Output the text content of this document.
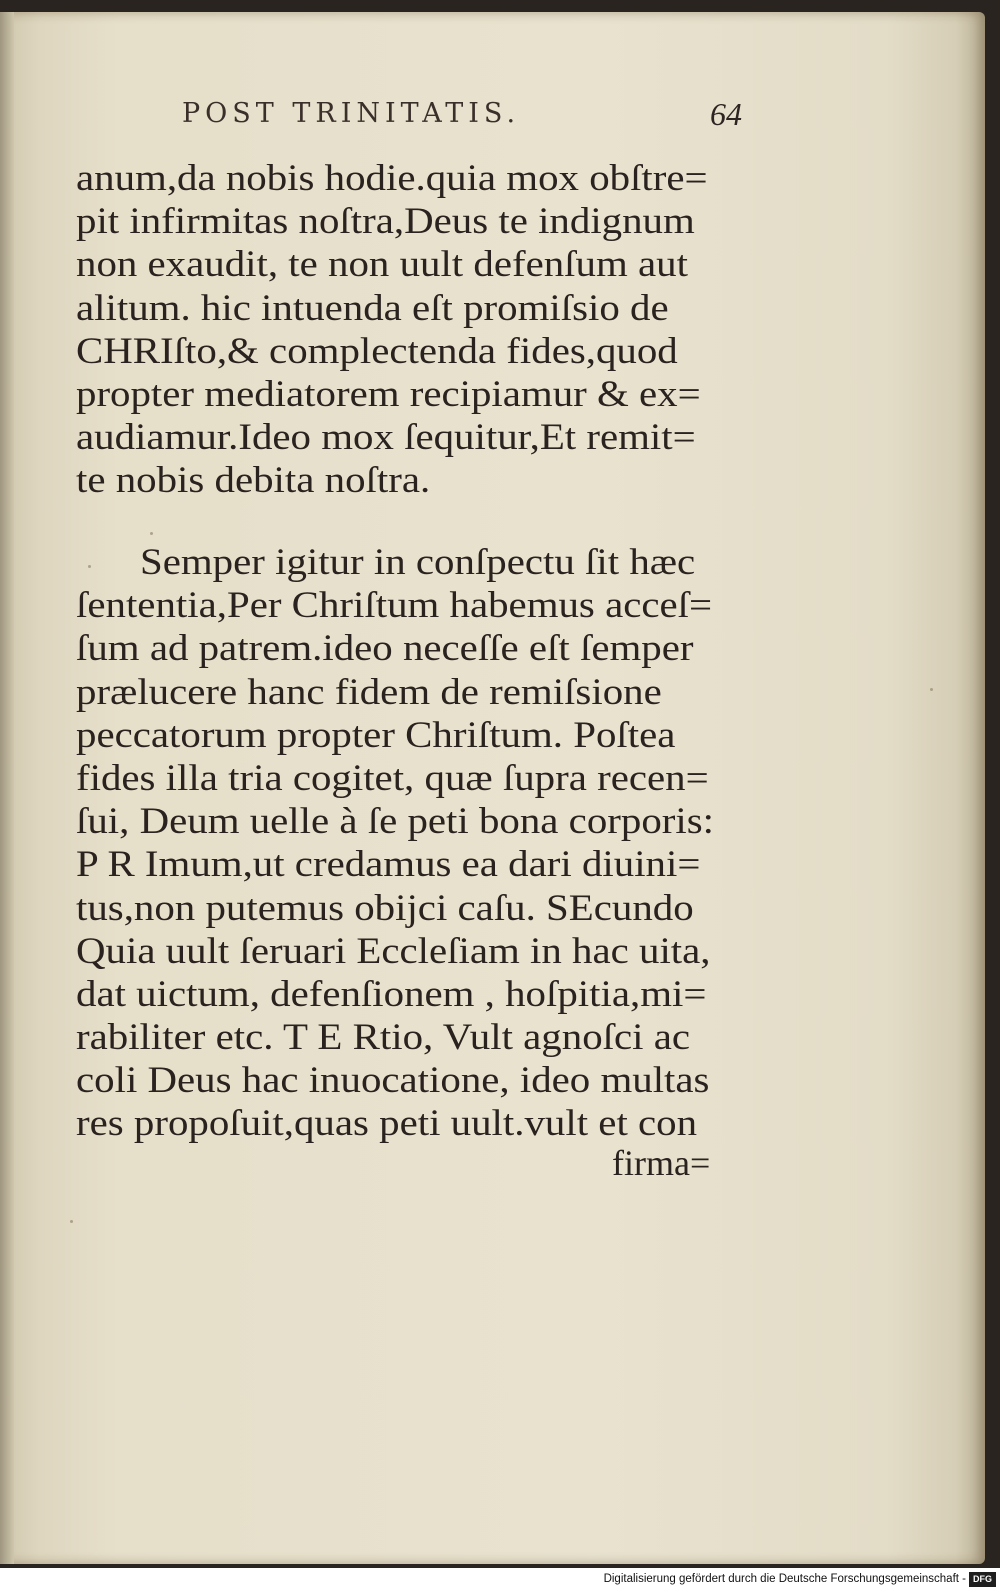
POST TRINITATIS.	64
anum,da nobis hodie.quia mox obſtre=
pit infirmitas noſtra,Deus te indignum
non exaudit, te non uult defenſum aut
alitum. hic intuenda eſt promiſsio de
CHRIſto,& complectenda fides,quod
propter mediatorem recipiamur & ex=
audiamur.Ideo mox ſequitur,Et remit=
te nobis debita noſtra.
Semper igitur in conſpectu ſit hæc
ſententia,Per Chriſtum habemus acceſ=
ſum ad patrem.ideo neceſſe eſt ſemper
prælucere hanc fidem de remiſsione
peccatorum propter Chriſtum. Poſtea
fides illa tria cogitet, quæ ſupra recen=
ſui, Deum uelle à ſe peti bona corporis:
P R Imum,ut credamus ea dari diuini=
tus,non putemus obijci caſu. SEcundo
Quia uult ſeruari Eccleſiam in hac uita,
dat uictum, defenſionem , hoſpitia,mi=
rabiliter etc. T E Rtio, Vult agnoſci ac
coli Deus hac inuocatione, ideo multas
res propoſuit,quas peti uult.vult et con
firma=
Digitalisierung gefördert durch die Deutsche Forschungsgemeinschaft - DFG
